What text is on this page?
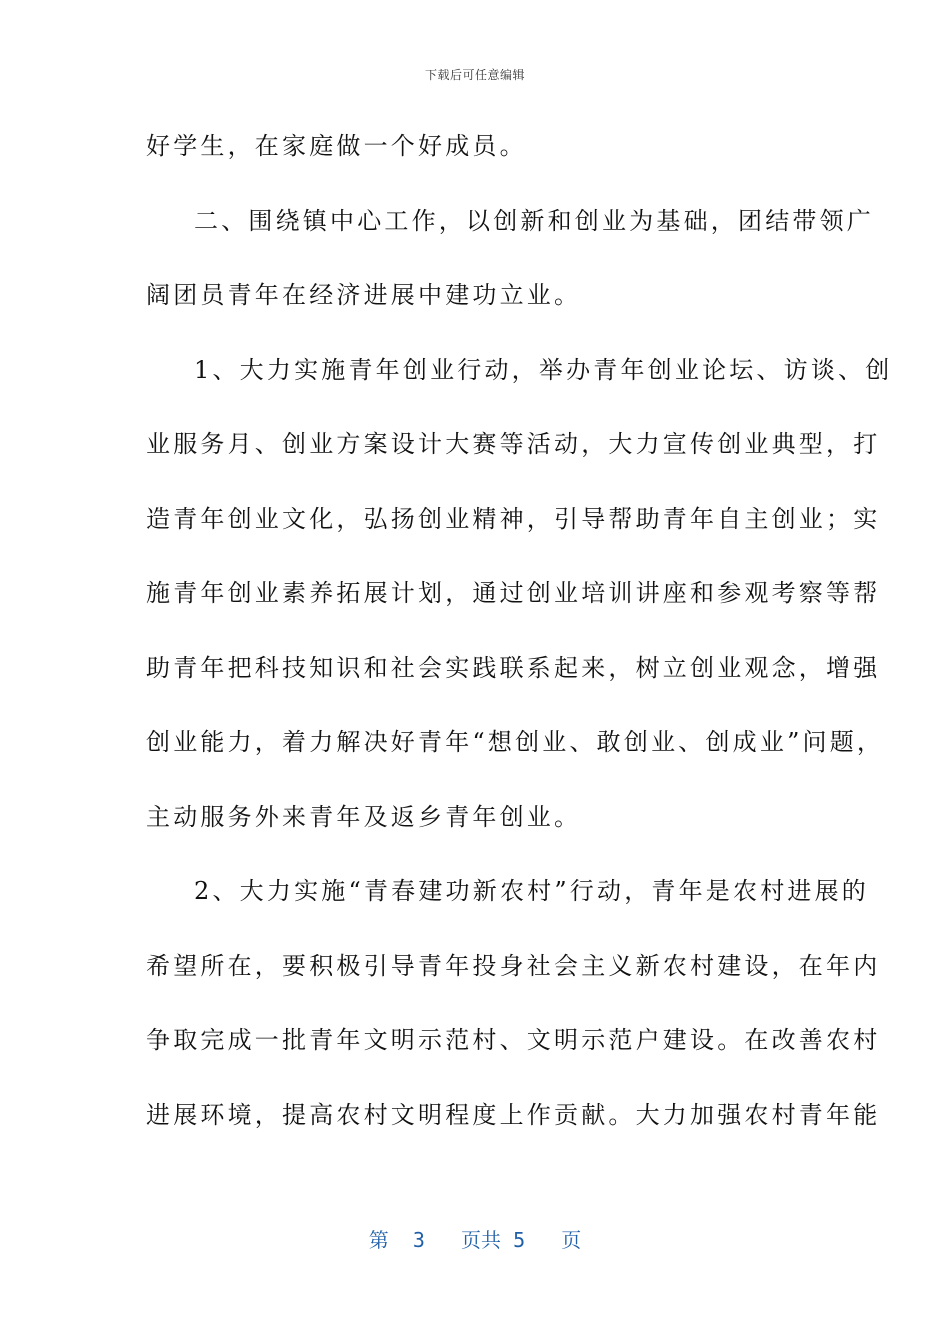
下载后可任意编辑
好学生，在家庭做一个好成员。
二、围绕镇中心工作，以创新和创业为基础，团结带领广
阔团员青年在经济进展中建功立业。
1、大力实施青年创业行动，举办青年创业论坛、访谈、创
业服务月、创业方案设计大赛等活动，大力宣传创业典型，打
造青年创业文化，弘扬创业精神，引导帮助青年自主创业；实
施青年创业素养拓展计划，通过创业培训讲座和参观考察等帮
助青年把科技知识和社会实践联系起来，树立创业观念，增强
创业能力，着力解决好青年“想创业、敢创业、创成业”问题，
主动服务外来青年及返乡青年创业。
2、大力实施“青春建功新农村”行动，青年是农村进展的
希望所在，要积极引导青年投身社会主义新农村建设，在年内
争取完成一批青年文明示范村、文明示范户建设。在改善农村
进展环境，提高农村文明程度上作贡献。大力加强农村青年能
第 3 页共 5 页
